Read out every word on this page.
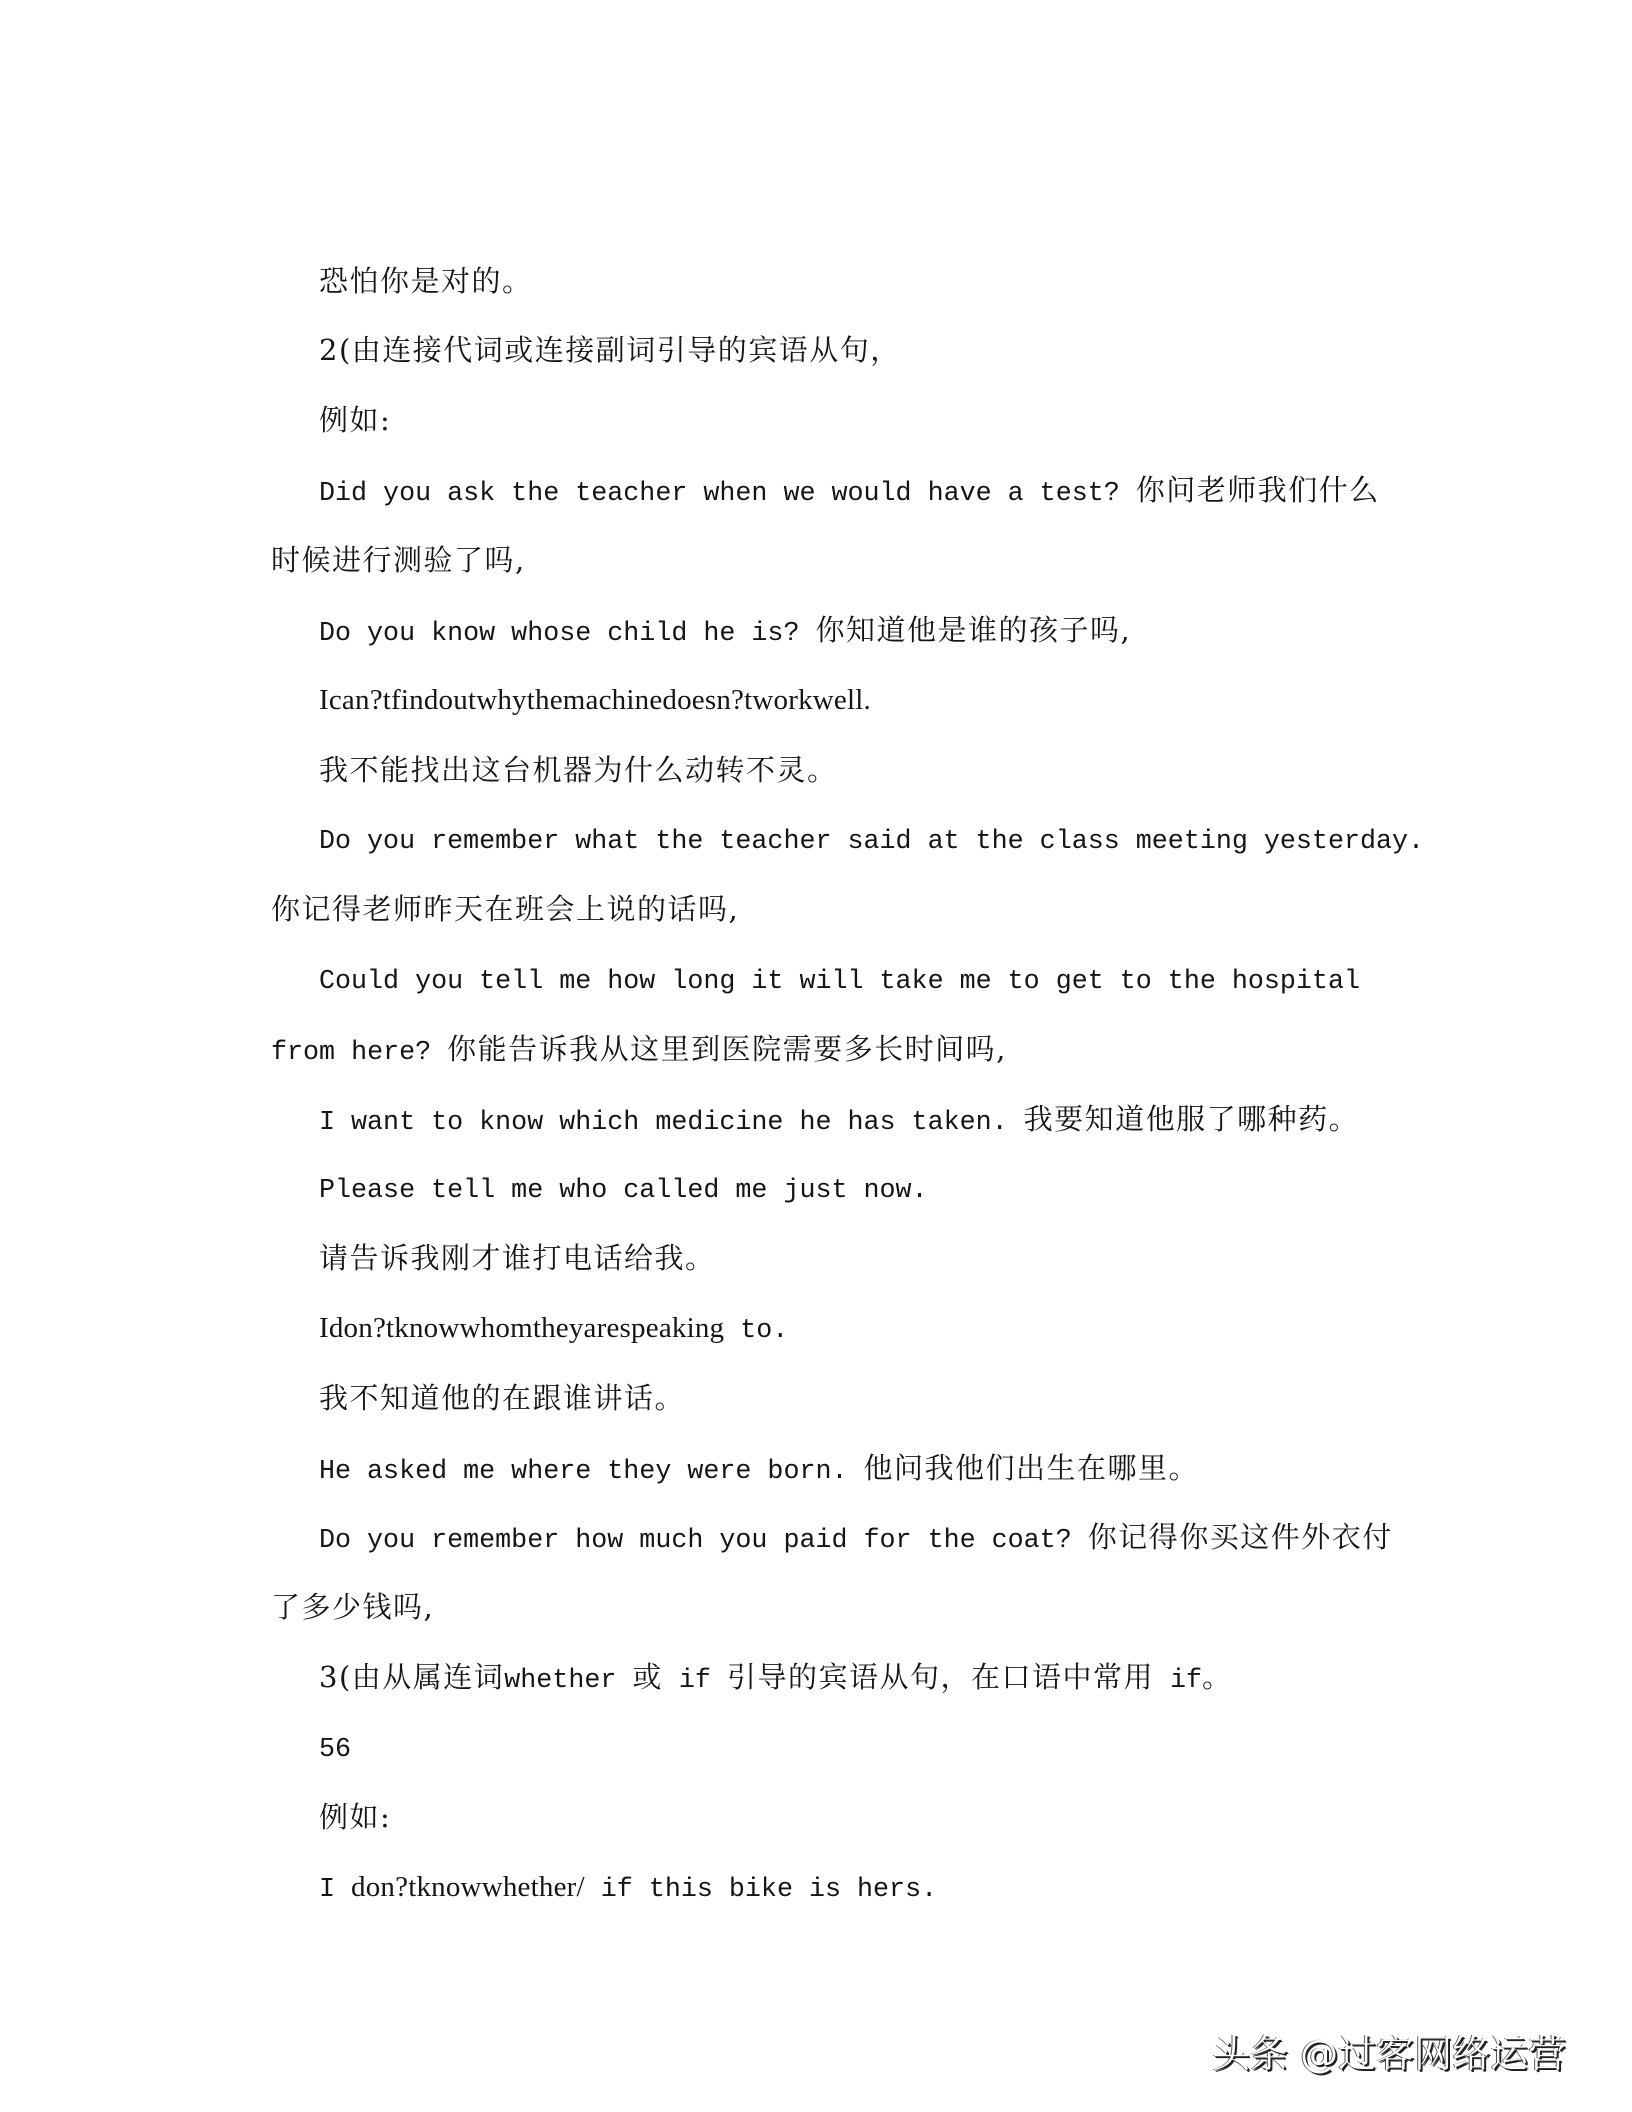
恐怕你是对的。

2(由连接代词或连接副词引导的宾语从句，

例如:

Did you ask the teacher when we would have a test? 你问老师我们什么

时候进行测验了吗,

Do you know whose child he is? 你知道他是谁的孩子吗,

Ican?tfindoutwhythemachinedoesn?tworkwell.

我不能找出这台机器为什么动转不灵。

Do you remember what the teacher said at the class meeting yesterday.

你记得老师昨天在班会上说的话吗,

Could you tell me how long it will take me to get to the hospital

from here? 你能告诉我从这里到医院需要多长时间吗,

I want to know which medicine he has taken. 我要知道他服了哪种药。

Please tell me who called me just now.

请告诉我刚才谁打电话给我。

Idon?tknowwhomtheyarespeaking to.

我不知道他的在跟谁讲话。

He asked me where they were born. 他问我他们出生在哪里。

Do you remember how much you paid for the coat? 你记得你买这件外衣付

了多少钱吗,

3(由从属连词whether 或 if 引导的宾语从句，在口语中常用 if。

56

例如:

I don?tknowwhether/ if this bike is hers.

头条 @过客网络运营
